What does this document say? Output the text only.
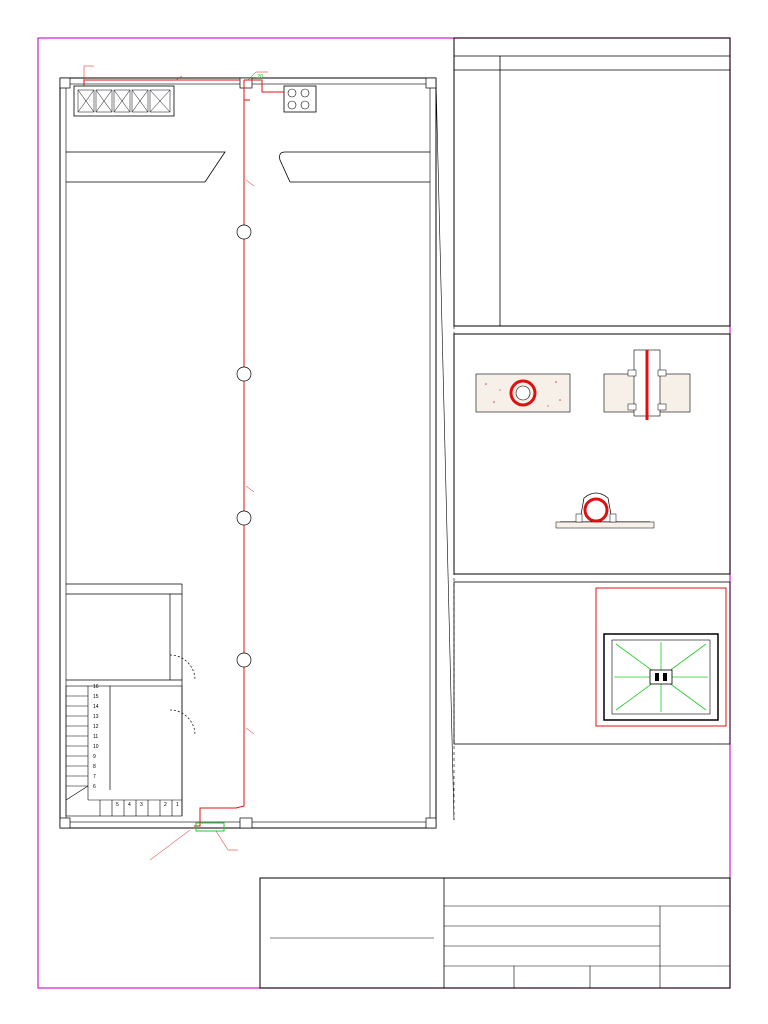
.20
16
15
14
13
12
11
10
9
8
7
6
5 4 3	2 1
